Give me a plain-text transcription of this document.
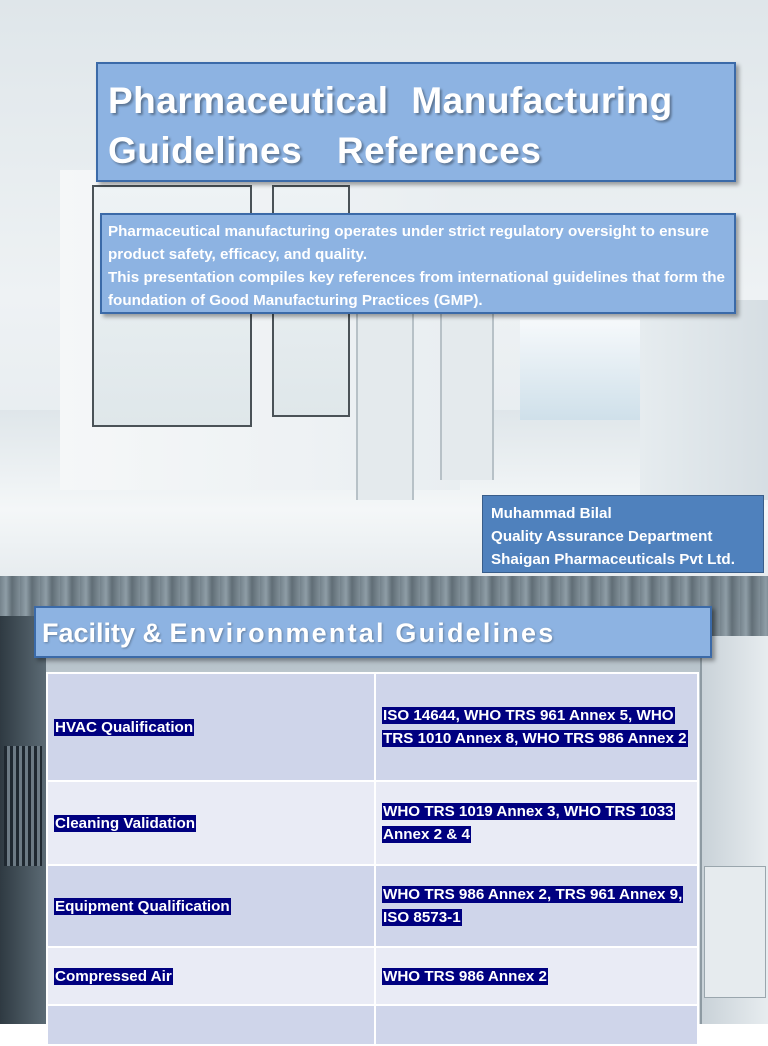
Pharmaceutical Manufacturing
Guidelines References

Pharmaceutical manufacturing operates under strict regulatory oversight to ensure product safety, efficacy, and quality.

This presentation compiles key references from international guidelines that form the foundation of Good Manufacturing Practices (GMP).

Muhammad Bilal
Quality Assurance Department
Shaigan Pharmaceuticals Pvt Ltd.
Facility & Environmental Guidelines
HVAC Qualification	ISO 14644, WHO TRS 961 Annex 5, WHO TRS 1010 Annex 8, WHO TRS 986 Annex 2
Cleaning Validation	WHO TRS 1019 Annex 3, WHO TRS 1033 Annex 2 & 4
Equipment Qualification	WHO TRS 986 Annex 2, TRS 961 Annex 9, ISO 8573-1
Compressed Air	WHO TRS 986 Annex 2
